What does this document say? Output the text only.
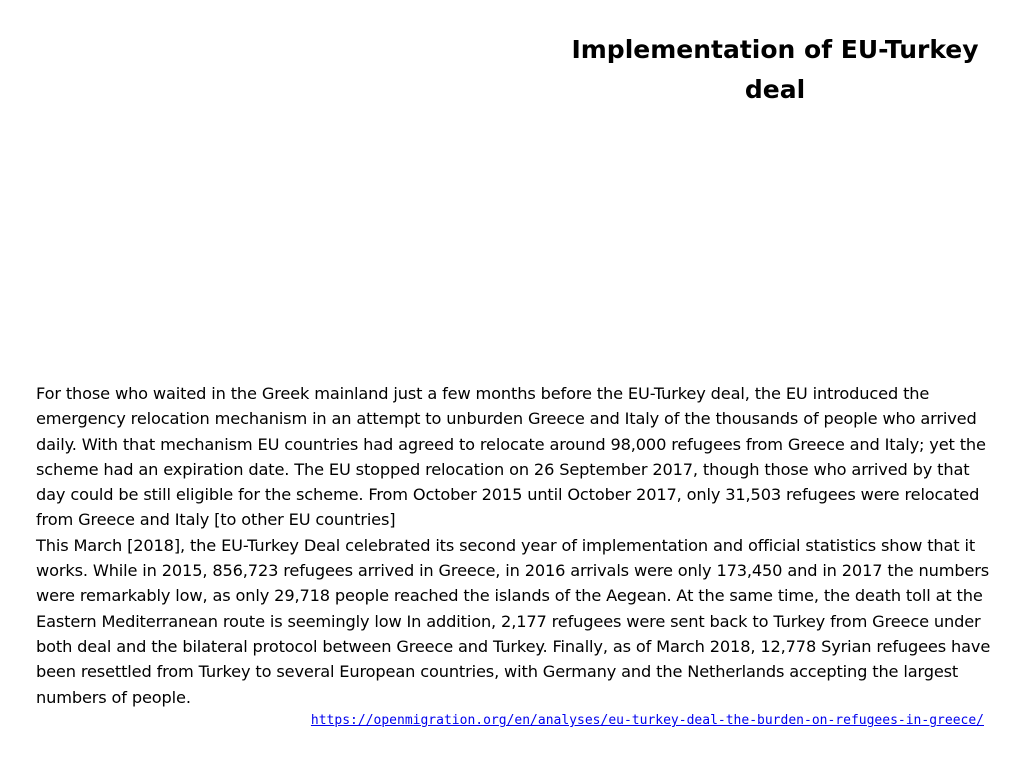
Implementation of EU-Turkey deal

For those who waited in the Greek mainland just a few months before the EU-Turkey deal, the EU introduced the emergency relocation mechanism in an attempt to unburden Greece and Italy of the thousands of people who arrived daily. With that mechanism EU countries had agreed to relocate around 98,000 refugees from Greece and Italy; yet the scheme had an expiration date. The EU stopped relocation on 26 September 2017, though those who arrived by that day could be still eligible for the scheme. From October 2015 until October 2017, only 31,503 refugees were relocated from Greece and Italy [to other EU countries]

This March [2018], the EU-Turkey Deal celebrated its second year of implementation and official statistics show that it works. While in 2015, 856,723 refugees arrived in Greece, in 2016 arrivals were only 173,450 and in 2017 the numbers were remarkably low, as only 29,718 people reached the islands of the Aegean. At the same time, the death toll at the Eastern Mediterranean route is seemingly low In addition, 2,177 refugees were sent back to Turkey from Greece under both deal and the bilateral protocol between Greece and Turkey. Finally, as of March 2018, 12,778 Syrian refugees have been resettled from Turkey to several European countries, with Germany and the Netherlands accepting the largest numbers of people.

https://openmigration.org/en/analyses/eu-turkey-deal-the-burden-on-refugees-in-greece/
